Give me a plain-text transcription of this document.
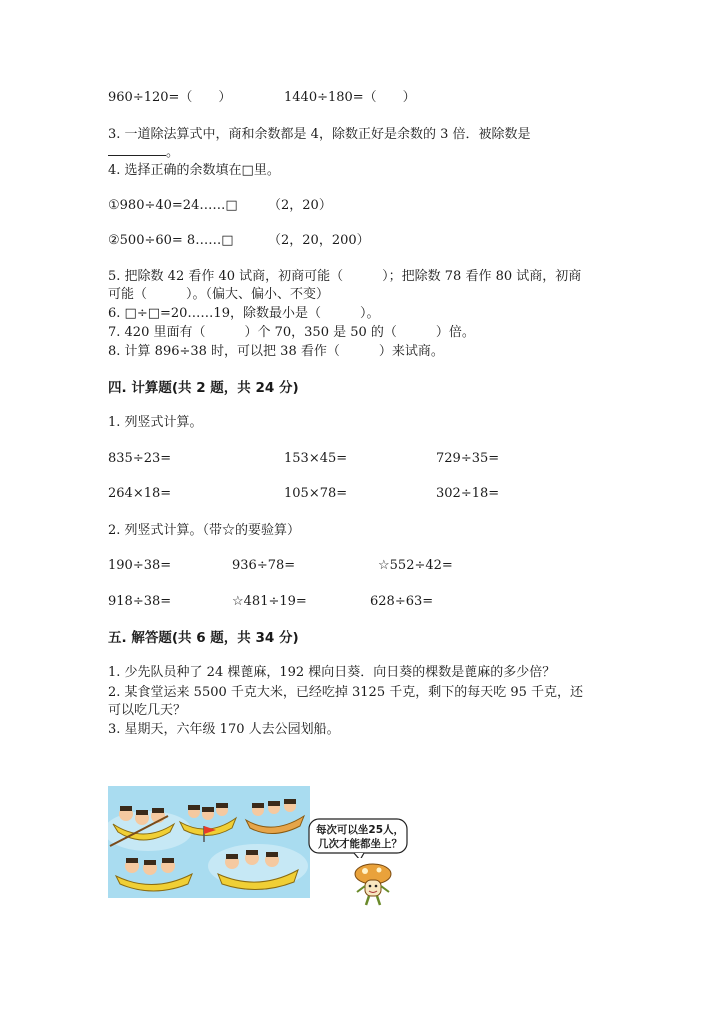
960÷120=（　　）	1440÷180=（　　）
3. 一道除法算式中，商和余数都是 4，除数正好是余数的 3 倍．被除数是
。
4. 选择正确的余数填在□里。
①980÷40=24……□ （2，20）
②500÷60= 8……□	（2，20，200）
5. 把除数 42 看作 40 试商，初商可能（　　　）；把除数 78 看作 80 试商，初商
可能（　　　）。（偏大、偏小、不变）
6. □÷□=20……19，除数最小是（　　　）。
7. 420 里面有（　　　）个 70，350 是 50 的（　　　）倍。
8. 计算 896÷38 时，可以把 38 看作（　　　）来试商。
四. 计算题(共 2 题，共 24 分)
1. 列竖式计算。
835÷23=	153×45=	729÷35=
264×18=	105×78=	302÷18=
2. 列竖式计算。（带☆的要验算）
190÷38=	936÷78=	☆552÷42=
918÷38=	☆481÷19=	628÷63=
五. 解答题(共 6 题，共 34 分)
1. 少先队员种了 24 棵蓖麻，192 棵向日葵．向日葵的棵数是蓖麻的多少倍？
2. 某食堂运来 5500 千克大米，已经吃掉 3125 千克，剩下的每天吃 95 千克，还
可以吃几天？
3. 星期天，六年级 170 人去公园划船。
每次可以坐25人，
几次才能都坐上？
